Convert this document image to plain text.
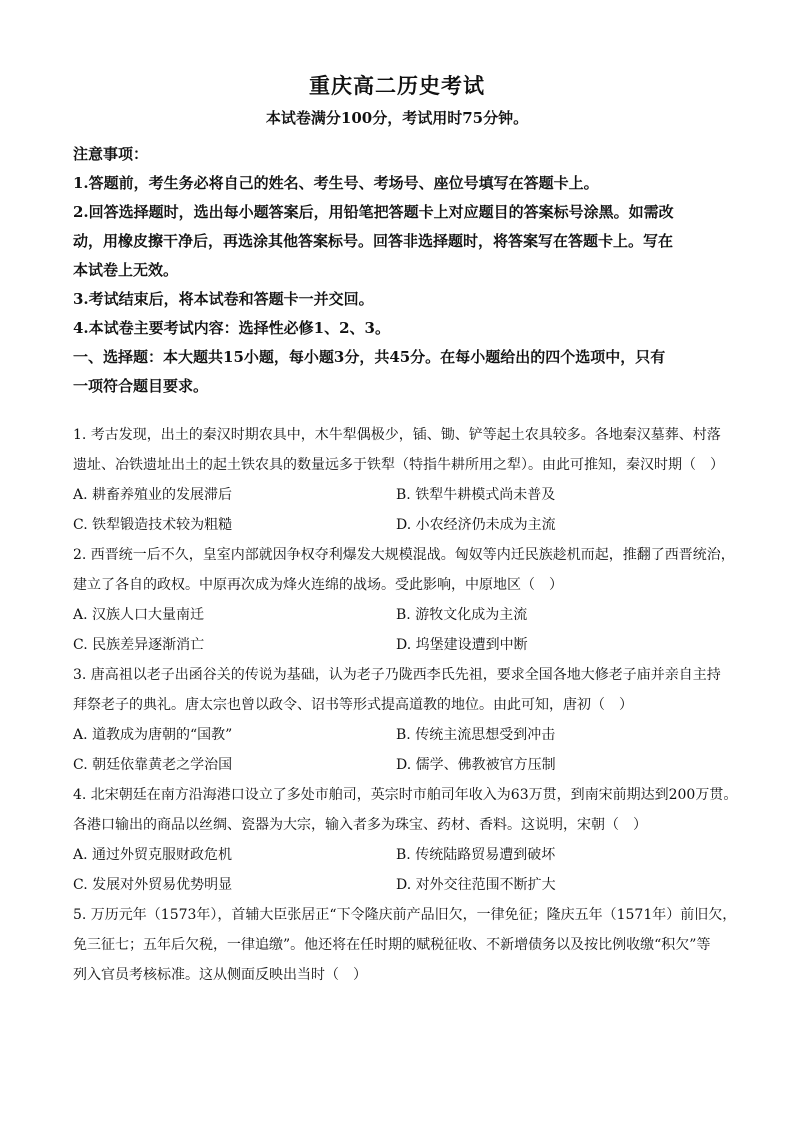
重庆高二历史考试
本试卷满分100分，考试用时75分钟。
注意事项：
1.答题前，考生务必将自己的姓名、考生号、考场号、座位号填写在答题卡上。
2.回答选择题时，选出每小题答案后，用铅笔把答题卡上对应题目的答案标号涂黑。如需改
动，用橡皮擦干净后，再选涂其他答案标号。回答非选择题时，将答案写在答题卡上。写在
本试卷上无效。
3.考试结束后，将本试卷和答题卡一并交回。
4.本试卷主要考试内容：选择性必修1、2、3。
一、选择题：本大题共15小题，每小题3分，共45分。在每小题给出的四个选项中，只有
一项符合题目要求。
1. 考古发现，出土的秦汉时期农具中，木牛犁偶极少，锸、锄、铲等起土农具较多。各地秦汉墓葬、村落
遗址、冶铁遗址出土的起土铁农具的数量远多于铁犁（特指牛耕所用之犁）。由此可推知，秦汉时期（　）
A. 耕畜养殖业的发展滞后	B. 铁犁牛耕模式尚未普及
C. 铁犁锻造技术较为粗糙	D. 小农经济仍未成为主流
2. 西晋统一后不久，皇室内部就因争权夺利爆发大规模混战。匈奴等内迁民族趁机而起，推翻了西晋统治，
建立了各自的政权。中原再次成为烽火连绵的战场。受此影响，中原地区（　）
A. 汉族人口大量南迁	B. 游牧文化成为主流
C. 民族差异逐渐消亡	D. 坞堡建设遭到中断
3. 唐高祖以老子出函谷关的传说为基础，认为老子乃陇西李氏先祖，要求全国各地大修老子庙并亲自主持
拜祭老子的典礼。唐太宗也曾以政令、诏书等形式提高道教的地位。由此可知，唐初（　）
A. 道教成为唐朝的“国教”	B. 传统主流思想受到冲击
C. 朝廷依靠黄老之学治国	D. 儒学、佛教被官方压制
4. 北宋朝廷在南方沿海港口设立了多处市舶司，英宗时市舶司年收入为63万贯，到南宋前期达到200万贯。
各港口输出的商品以丝绸、瓷器为大宗，输入者多为珠宝、药材、香料。这说明，宋朝（　）
A. 通过外贸克服财政危机	B. 传统陆路贸易遭到破坏
C. 发展对外贸易优势明显	D. 对外交往范围不断扩大
5. 万历元年（1573年），首辅大臣张居正“下令隆庆前产品旧欠，一律免征；隆庆五年（1571年）前旧欠，
免三征七；五年后欠税，一律追缴”。他还将在任时期的赋税征收、不新增债务以及按比例收缴“积欠”等
列入官员考核标准。这从侧面反映出当时（　）
